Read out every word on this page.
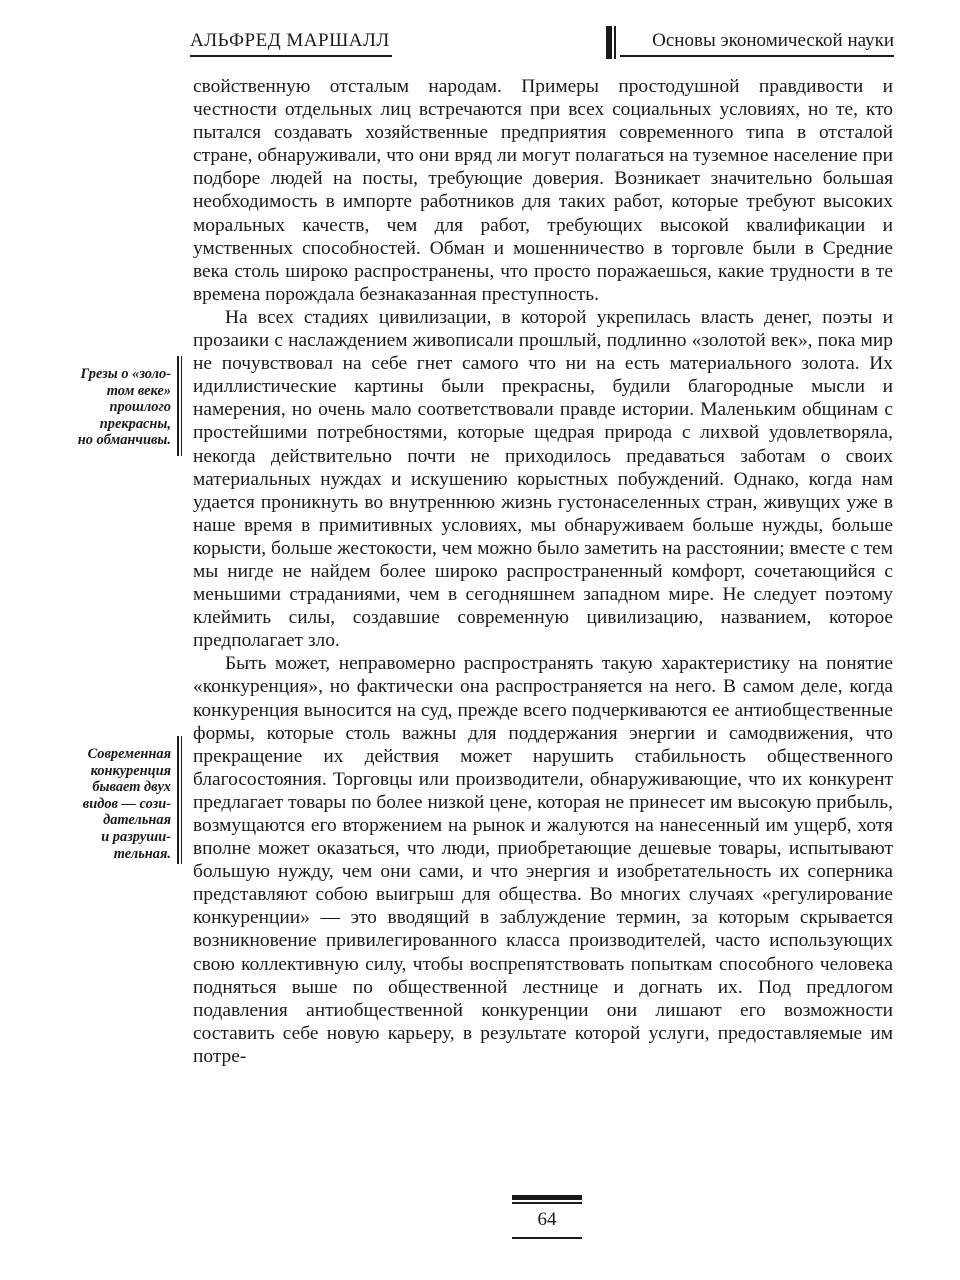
АЛЬФРЕД МАРШАЛЛ	Основы экономической науки
Грезы о «золо-
том веке»
прошлого
прекрасны,
но обманчивы.
Современная
конкуренция
бывает двух
видов — сози-
дательная
и разруши-
тельная.

свойственную отсталым народам. Примеры простодушной правдивости и честности отдельных лиц встречаются при всех социальных условиях, но те, кто пытался создавать хозяйственные предприятия современного типа в отсталой стране, обнаруживали, что они вряд ли могут полагаться на туземное население при подборе людей на посты, требующие доверия. Возникает значительно большая необходимость в импорте работников для таких работ, которые требуют высоких моральных качеств, чем для работ, требующих высокой квалификации и умственных способностей. Обман и мошенничество в торговле были в Средние века столь широко распространены, что просто поражаешься, какие трудности в те времена порождала безнаказанная преступность.

На всех стадиях цивилизации, в которой укрепилась власть денег, поэты и прозаики с наслаждением живописали прошлый, подлинно «золотой век», пока мир не почувствовал на себе гнет самого что ни на есть материального золота. Их идиллистические картины были прекрасны, будили благородные мысли и намерения, но очень мало соответствовали правде истории. Маленьким общинам с простейшими потребностями, которые щедрая природа с лихвой удовлетворяла, некогда действительно почти не приходилось предаваться заботам о своих материальных нуждах и искушению корыстных побуждений. Однако, когда нам удается проникнуть во внутреннюю жизнь густонаселенных стран, живущих уже в наше время в примитивных условиях, мы обнаруживаем больше нужды, больше корысти, больше жестокости, чем можно было заметить на расстоянии; вместе с тем мы нигде не найдем более широко распространенный комфорт, сочетающийся с меньшими страданиями, чем в сегодняшнем западном мире. Не следует поэтому клеймить силы, создавшие современную цивилизацию, названием, которое предполагает зло.

Быть может, неправомерно распространять такую характеристику на понятие «конкуренция», но фактически она распространяется на него. В самом деле, когда конкуренция выносится на суд, прежде всего подчеркиваются ее антиобщественные формы, которые столь важны для поддержания энергии и самодвижения, что прекращение их действия может нарушить стабильность общественного благосостояния. Торговцы или производители, обнаруживающие, что их конкурент предлагает товары по более низкой цене, которая не принесет им высокую прибыль, возмущаются его вторжением на рынок и жалуются на нанесенный им ущерб, хотя вполне может оказаться, что люди, приобретающие дешевые товары, испытывают большую нужду, чем они сами, и что энергия и изобретательность их соперника представляют собою выигрыш для общества. Во многих случаях «регулирование конкуренции» — это вводящий в заблуждение термин, за которым скрывается возникновение привилегированного класса производителей, часто использующих свою коллективную силу, чтобы воспрепятствовать попыткам способного человека подняться выше по общественной лестнице и догнать их. Под предлогом подавления антиобщественной конкуренции они лишают его возможности составить себе новую карьеру, в результате которой услуги, предоставляемые им потре-

64
